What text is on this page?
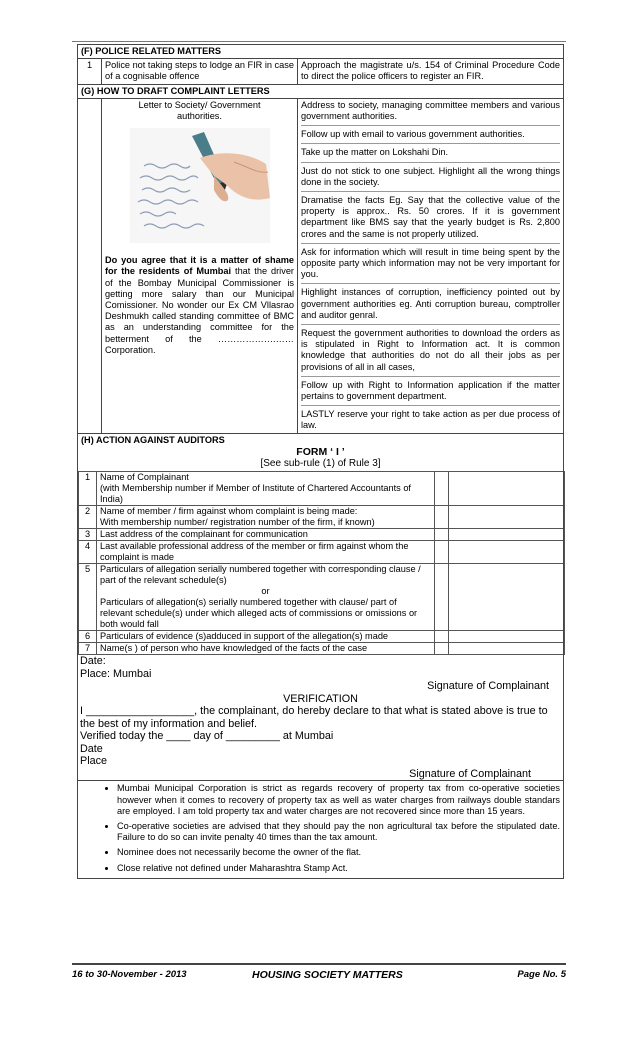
(F) POLICE RELATED MATTERS
1	Police not taking steps to lodge an FIR in case of a cognisable offence	Approach the magistrate u/s. 154 of Criminal Procedure Code to direct the police officers to register an FIR.
(G) HOW TO DRAFT COMPLAINT LETTERS

Letter to Society/ Government authorities.
Do you agree that it is a matter of shame for the residents of Mumbai that the driver of the Bombay Municipal Commissioner is getting more salary than our Municipal Comissioner. No wonder our Ex CM Vllasrao Deshmukh called standing committee of BMC as an understanding committee for the betterment of the ……………….…… Corporation.

Address to society, managing committee members and various government authorities.
Follow up with email to various government authorities.
Take up the matter on Lokshahi Din.
Just do not stick to one subject. Highlight all the wrong things done in the society.
Dramatise the facts Eg. Say that the collective value of the property is approx.. Rs. 50 crores. If it is government department like BMS say that the yearly budget is Rs. 2,800 crores and the same is not properly utilized.
Ask for information which will result in time being spent by the opposite party which information may not be very important for you.
Highlight instances of corruption, inefficiency pointed out by government authorities eg. Anti corruption bureau, comptroller and auditor genral.
Request the government authorities to download the orders as is stipulated in Right to Information act. It is common knowledge that authorities do not do all their jobs as per provisions of all in all cases,
Follow up with Right to Information application if the matter pertains to government department.
LASTLY reserve your right to take action as per due process of law.

(H) ACTION AGAINST AUDITORS
FORM ‘ I ’
[See sub-rule (1) of Rule 3]
1	Name of Complainant
(with Membership number if Member of Institute of Chartered Accountants of India)

2	Name of member / firm against whom complaint is being made:
With membership number/ registration number of the firm, if known)

3	Last address of the complainant for communication

4	Last available professional address of the member or firm against whom the complaint is made

5	Particulars of allegation serially numbered together with corresponding clause / part of the relevant schedule(s)
or
Particulars of allegation(s) serially numbered together with clause/ part of relevant schedule(s) under which alleged acts of commissions or omissions or both would fall

6	Particulars of evidence (s)adduced in support of the allegation(s) made

7	Name(s ) of person who have knowledged of the facts of the case

Date:
Place: Mumbai
Signature of Complainant
VERIFICATION
I __________________, the complainant, do hereby declare to that what is stated above is true to the best of my information and belief.
Verified today the ____ day of _________ at Mumbai
Date
Place
Signature of Complainant

• Mumbai Municipal Corporation is strict as regards recovery of property tax from co-operative societies however when it comes to recovery of property tax as well as water charges from railways double standars are employed. I am told property tax and water charges are not recovered since more than 15 years.
• Co-operative societies are advised that they should pay the non agricultural tax before the stipulated date. Failure to do so can invite penalty 40 times than the tax amount.
• Nominee does not necessarily become the owner of the flat.
• Close relative not defined under Maharashtra Stamp Act.
16 to 30-November - 2013	HOUSING SOCIETY MATTERS	Page No. 5
